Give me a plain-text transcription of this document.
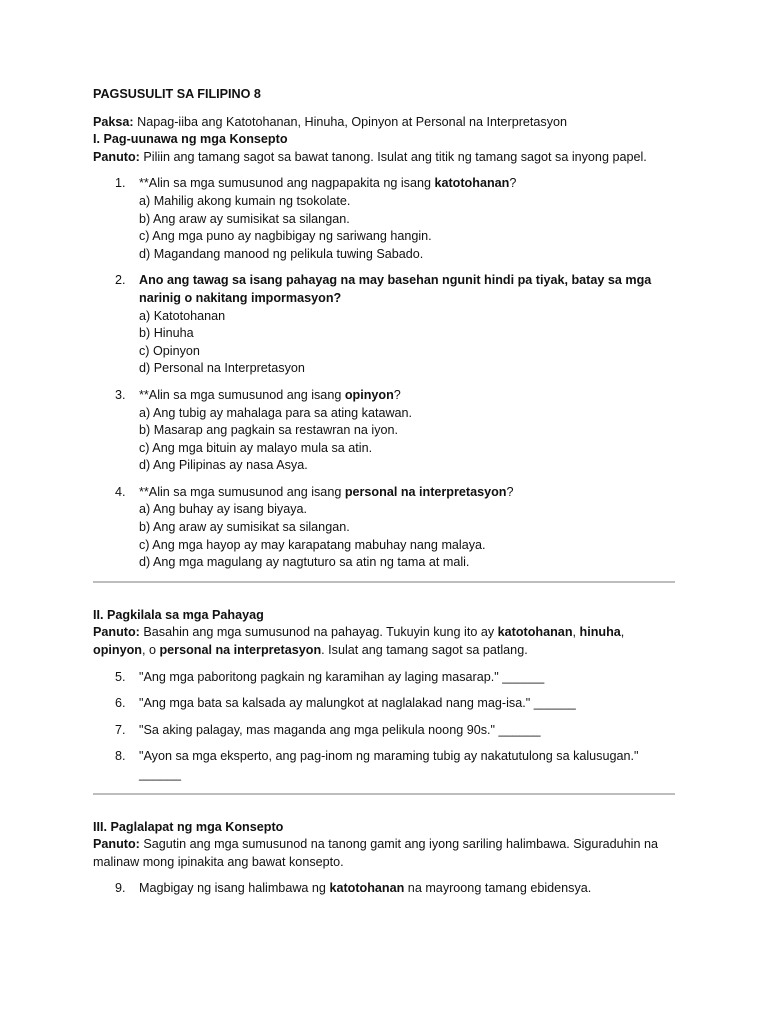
PAGSUSULIT SA FILIPINO 8

Paksa: Napag-iiba ang Katotohanan, Hinuha, Opinyon at Personal na Interpretasyon

I. Pag-uunawa ng mga Konsepto

Panuto: Piliin ang tamang sagot sa bawat tanong. Isulat ang titik ng tamang sagot sa inyong papel.

1. **Alin sa mga sumusunod ang nagpapakita ng isang katotohanan?
a) Mahilig akong kumain ng tsokolate.
b) Ang araw ay sumisikat sa silangan.
c) Ang mga puno ay nagbibigay ng sariwang hangin.
d) Magandang manood ng pelikula tuwing Sabado.
2. Ano ang tawag sa isang pahayag na may basehan ngunit hindi pa tiyak, batay sa mga narinig o nakitang impormasyon?
a) Katotohanan
b) Hinuha
c) Opinyon
d) Personal na Interpretasyon
3. **Alin sa mga sumusunod ang isang opinyon?
a) Ang tubig ay mahalaga para sa ating katawan.
b) Masarap ang pagkain sa restawran na iyon.
c) Ang mga bituin ay malayo mula sa atin.
d) Ang Pilipinas ay nasa Asya.
4. **Alin sa mga sumusunod ang isang personal na interpretasyon?
a) Ang buhay ay isang biyaya.
b) Ang araw ay sumisikat sa silangan.
c) Ang mga hayop ay may karapatang mabuhay nang malaya.
d) Ang mga magulang ay nagtuturo sa atin ng tama at mali.

II. Pagkilala sa mga Pahayag

Panuto: Basahin ang mga sumusunod na pahayag. Tukuyin kung ito ay katotohanan, hinuha, opinyon, o personal na interpretasyon. Isulat ang tamang sagot sa patlang.

5. "Ang mga paboritong pagkain ng karamihan ay laging masarap." ______
6. "Ang mga bata sa kalsada ay malungkot at naglalakad nang mag-isa." ______
7. "Sa aking palagay, mas maganda ang mga pelikula noong 90s." ______
8. "Ayon sa mga eksperto, ang pag-inom ng maraming tubig ay nakatutulong sa kalusugan." ______

III. Paglalapat ng mga Konsepto

Panuto: Sagutin ang mga sumusunod na tanong gamit ang iyong sariling halimbawa. Siguraduhin na malinaw mong ipinakita ang bawat konsepto.

9. Magbigay ng isang halimbawa ng katotohanan na mayroong tamang ebidensya.
